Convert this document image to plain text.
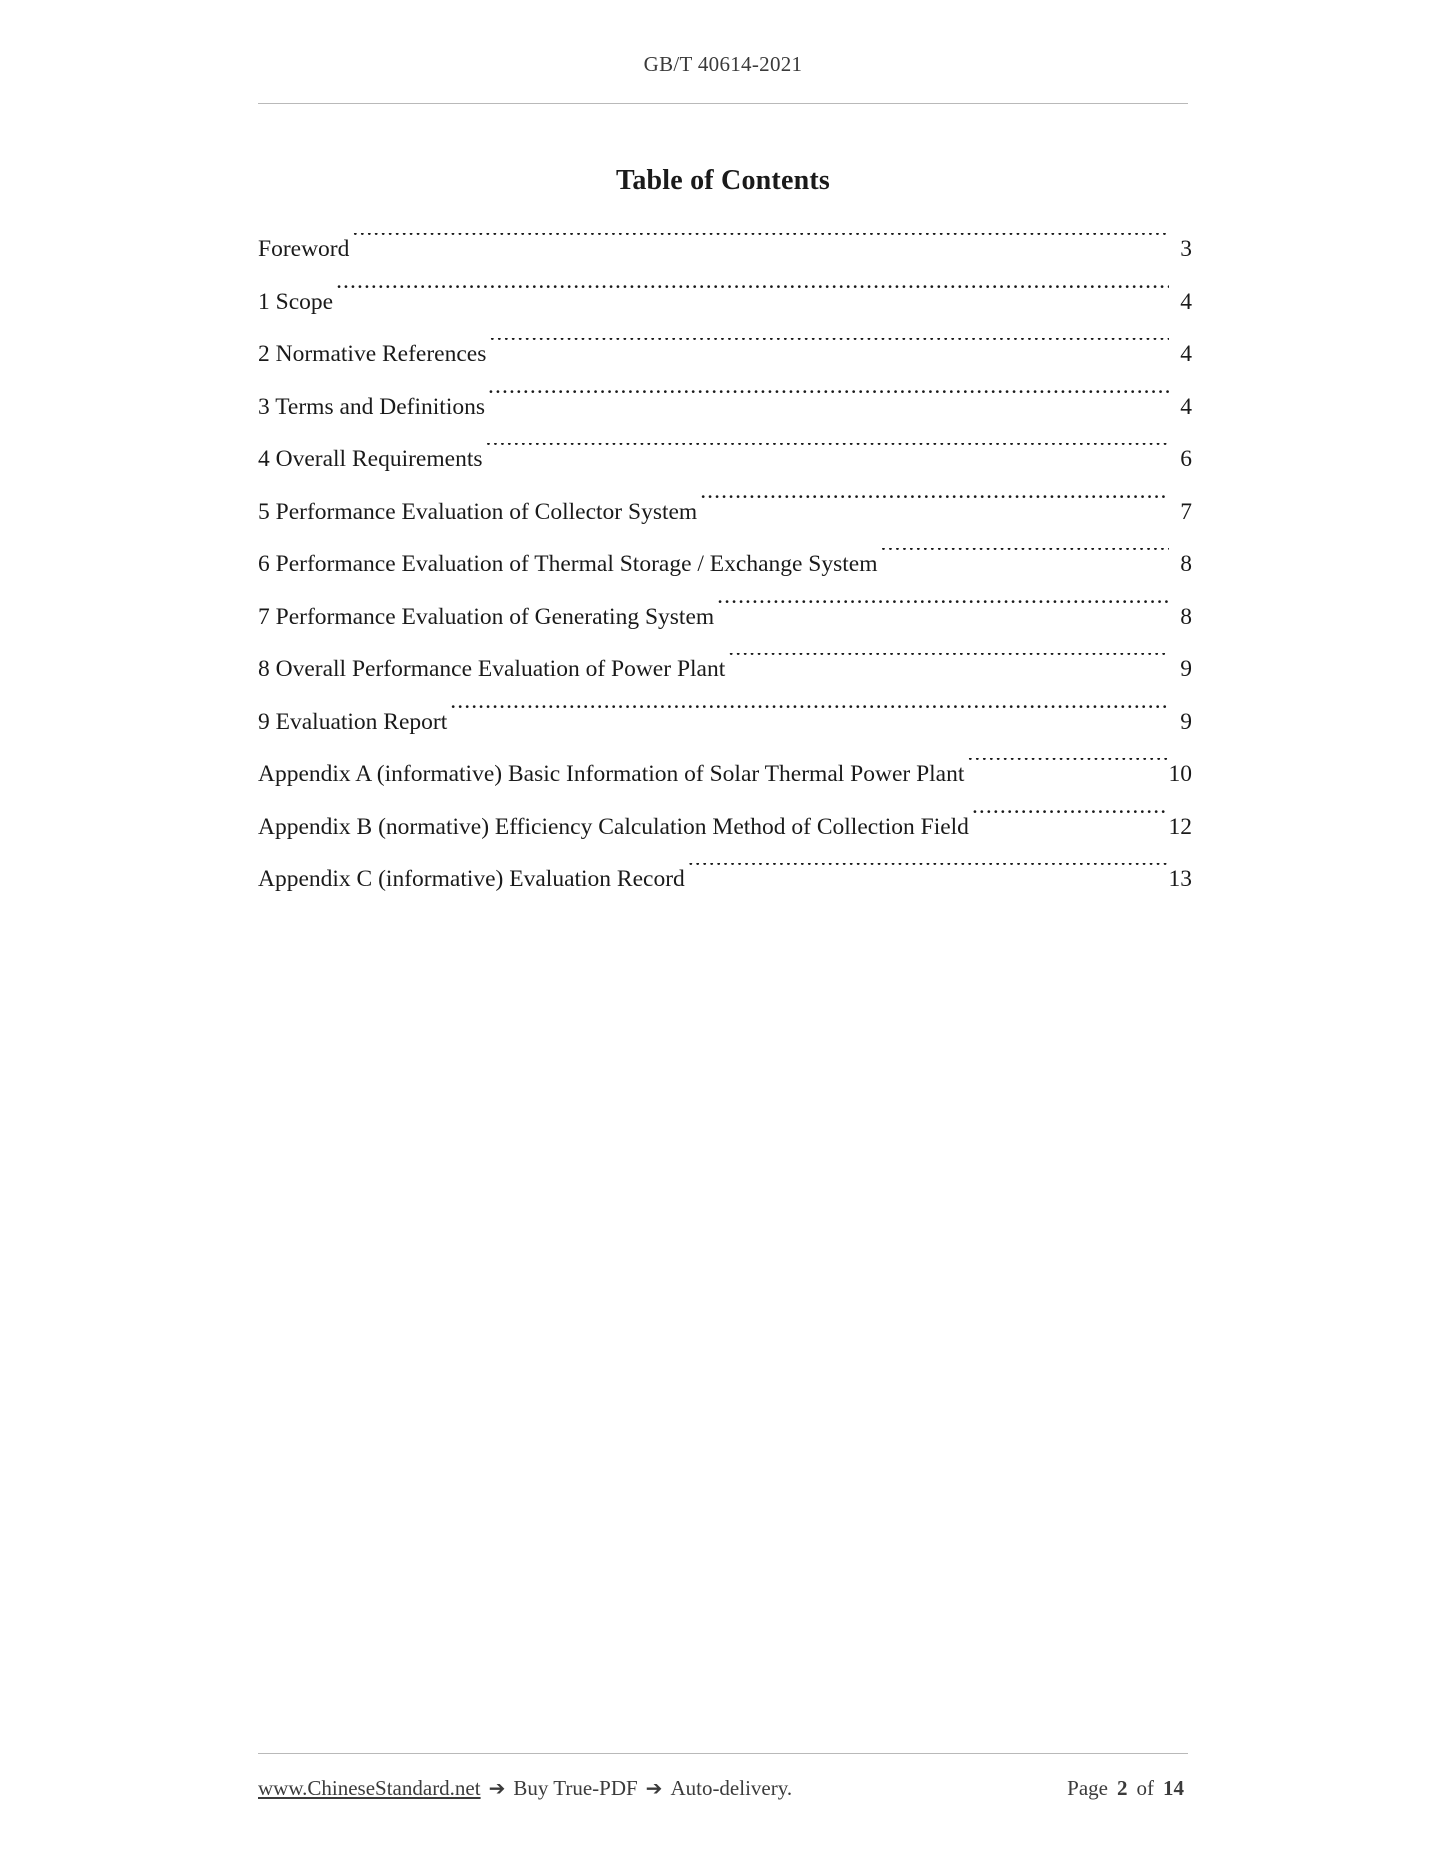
GB/T 40614-2021
Table of Contents
Foreword .....	3
1 Scope .....	4
2 Normative References .....	4
3 Terms and Definitions .....	4
4 Overall Requirements .....	6
5 Performance Evaluation of Collector System .....	7
6 Performance Evaluation of Thermal Storage / Exchange System .....	8
7 Performance Evaluation of Generating System .....	8
8 Overall Performance Evaluation of Power Plant .....	9
9 Evaluation Report .....	9
Appendix A (informative) Basic Information of Solar Thermal Power Plant .....	10
Appendix B (normative) Efficiency Calculation Method of Collection Field .....	12
Appendix C (informative) Evaluation Record .....	13
www.ChineseStandard.net ➔ Buy True-PDF ➔ Auto-delivery.	Page 2 of 14
